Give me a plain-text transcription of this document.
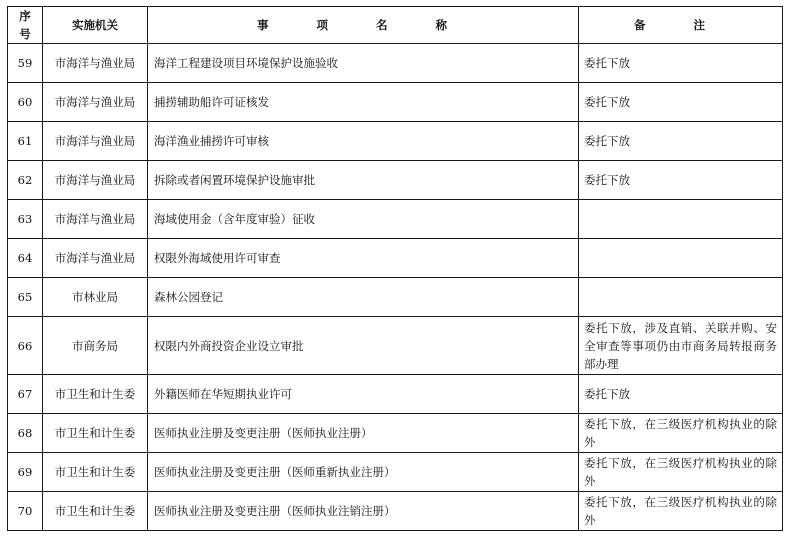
序号	实施机关	事 项 名 称	备 注
59	市海洋与渔业局	海洋工程建设项目环境保护设施验收	委托下放
60	市海洋与渔业局	捕捞辅助船许可证核发	委托下放
61	市海洋与渔业局	海洋渔业捕捞许可审核	委托下放
62	市海洋与渔业局	拆除或者闲置环境保护设施审批	委托下放
63	市海洋与渔业局	海域使用金（含年度审验）征收	
64	市海洋与渔业局	权限外海域使用许可审查	
65	市林业局	森林公园登记	
66	市商务局	权限内外商投资企业设立审批	委托下放，涉及直销、关联并购、安全审查等事项仍由市商务局转报商务部办理
67	市卫生和计生委	外籍医师在华短期执业许可	委托下放
68	市卫生和计生委	医师执业注册及变更注册（医师执业注册）	委托下放，在三级医疗机构执业的除外
69	市卫生和计生委	医师执业注册及变更注册（医师重新执业注册）	委托下放，在三级医疗机构执业的除外
70	市卫生和计生委	医师执业注册及变更注册（医师执业注销注册）	委托下放，在三级医疗机构执业的除外
